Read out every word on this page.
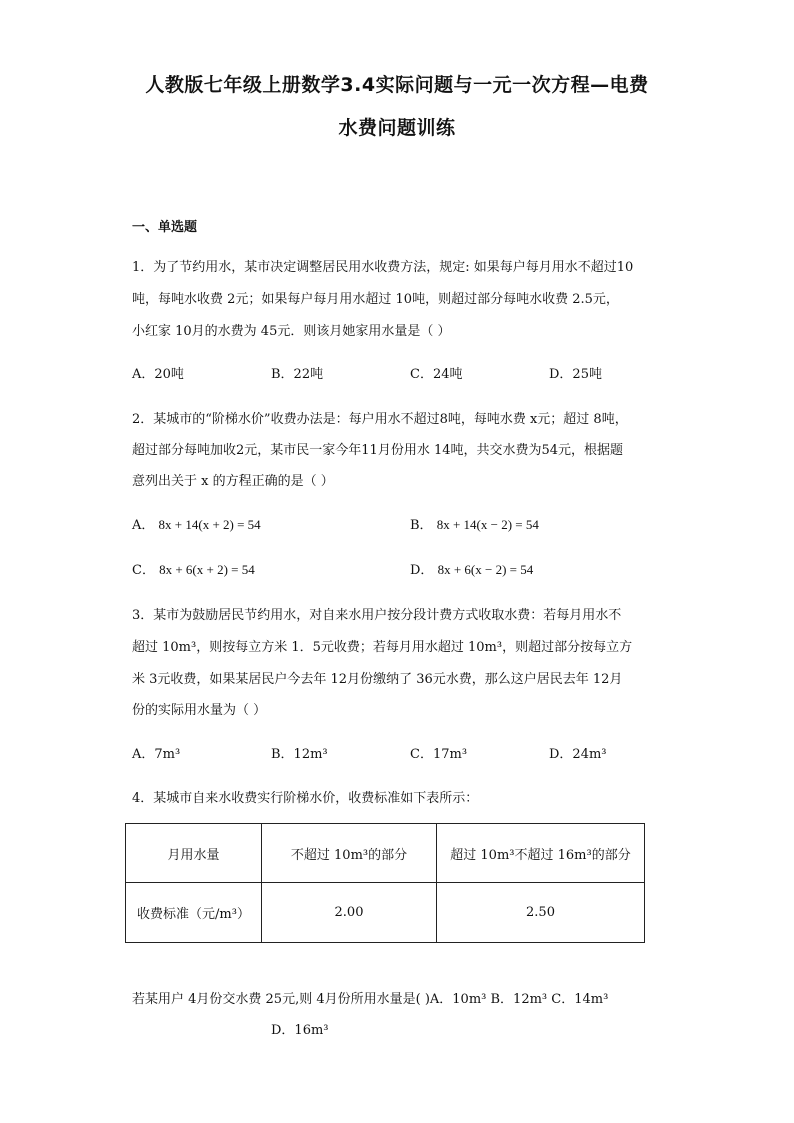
人教版七年级上册数学3.4实际问题与一元一次方程—电费
水费问题训练
一、单选题
1．为了节约用水，某市决定调整居民用水收费方法，规定: 如果每户每月用水不超过10
吨，每吨水收费 2元；如果每户每月用水超过 10吨，则超过部分每吨水收费 2.5元，
小红家 10月的水费为 45元．则该月她家用水量是（ ）
A．20吨	B．22吨	C．24吨	D．25吨
2．某城市的“阶梯水价”收费办法是：每户用水不超过8吨，每吨水费 x元；超过 8吨，
超过部分每吨加收2元，某市民一家今年11月份用水 14吨，共交水费为54元，根据题
意列出关于 x 的方程正确的是（ ）
A． 8x + 14(x + 2) = 54	B． 8x + 14(x − 2) = 54
C． 8x + 6(x + 2) = 54	D． 8x + 6(x − 2) = 54
3．某市为鼓励居民节约用水，对自来水用户按分段计费方式收取水费：若每月用水不
超过 10m³，则按每立方米 1．5元收费；若每月用水超过 10m³，则超过部分按每立方
米 3元收费，如果某居民户今去年 12月份缴纳了 36元水费，那么这户居民去年 12月
份的实际用水量为（ ）
A．7m³	B．12m³	C．17m³	D．24m³
4．某城市自来水收费实行阶梯水价，收费标准如下表所示：
月用水量	不超过 10m³的部分	超过 10m³不超过 16m³的部分
收费标准（元/m³）	2.00	2.50
若某用户 4月份交水费 25元,则 4月份所用水量是( )A．10m³ B．12m³ C．14m³
D．16m³
